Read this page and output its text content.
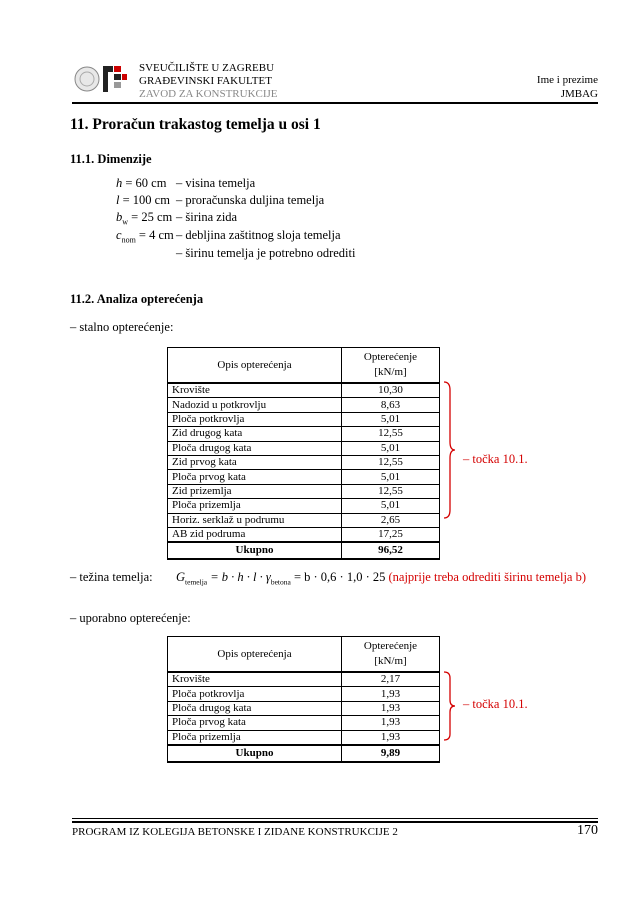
SVEUČILIŠTE U ZAGREBU
GRAĐEVINSKI FAKULTET
ZAVOD ZA KONSTRUKCIJE
Ime i prezime
JMBAG
11. Proračun trakastog temelja u osi 1
11.1. Dimenzije
h = 60 cm – visina temelja
l = 100 cm – proračunska duljina temelja
$b_w = 25$ cm – širina zida
$c_{nom} = 4$ cm – debljina zaštitnog sloja temelja
– širinu temelja je potrebno odrediti
11.2. Analiza opterećenja
– stalno opterećenje:
Opis opterećenja	Opterećenje
[kN/m]

Krovište	10,30
Nadozid u potkrovlju	8,63
Ploča potkrovlja	5,01
Zid drugog kata	12,55
Ploča drugog kata	5,01
Zid prvog kata	12,55
Ploča prvog kata	5,01
Zid prizemlja	12,55
Ploča prizemlja	5,01
Horiz. serklaž u podrumu	2,65
AB zid podruma	17,25
Ukupno	96,52
– točka 10.1.
– težina temelja: $G_{temelja} = b \cdot h \cdot l \cdot \gamma_{betona} = b \cdot 0,6 \cdot 1,0 \cdot 25$ (najprije treba odrediti širinu temelja b)
– uporabno opterećenje:
Opis opterećenja	Opterećenje
[kN/m]

Krovište	2,17
Ploča potkrovlja	1,93
Ploča drugog kata	1,93
Ploča prvog kata	1,93
Ploča prizemlja	1,93
Ukupno	9,89
– točka 10.1.
PROGRAM IZ KOLEGIJA BETONSKE I ZIDANE KONSTRUKCIJE 2	170
